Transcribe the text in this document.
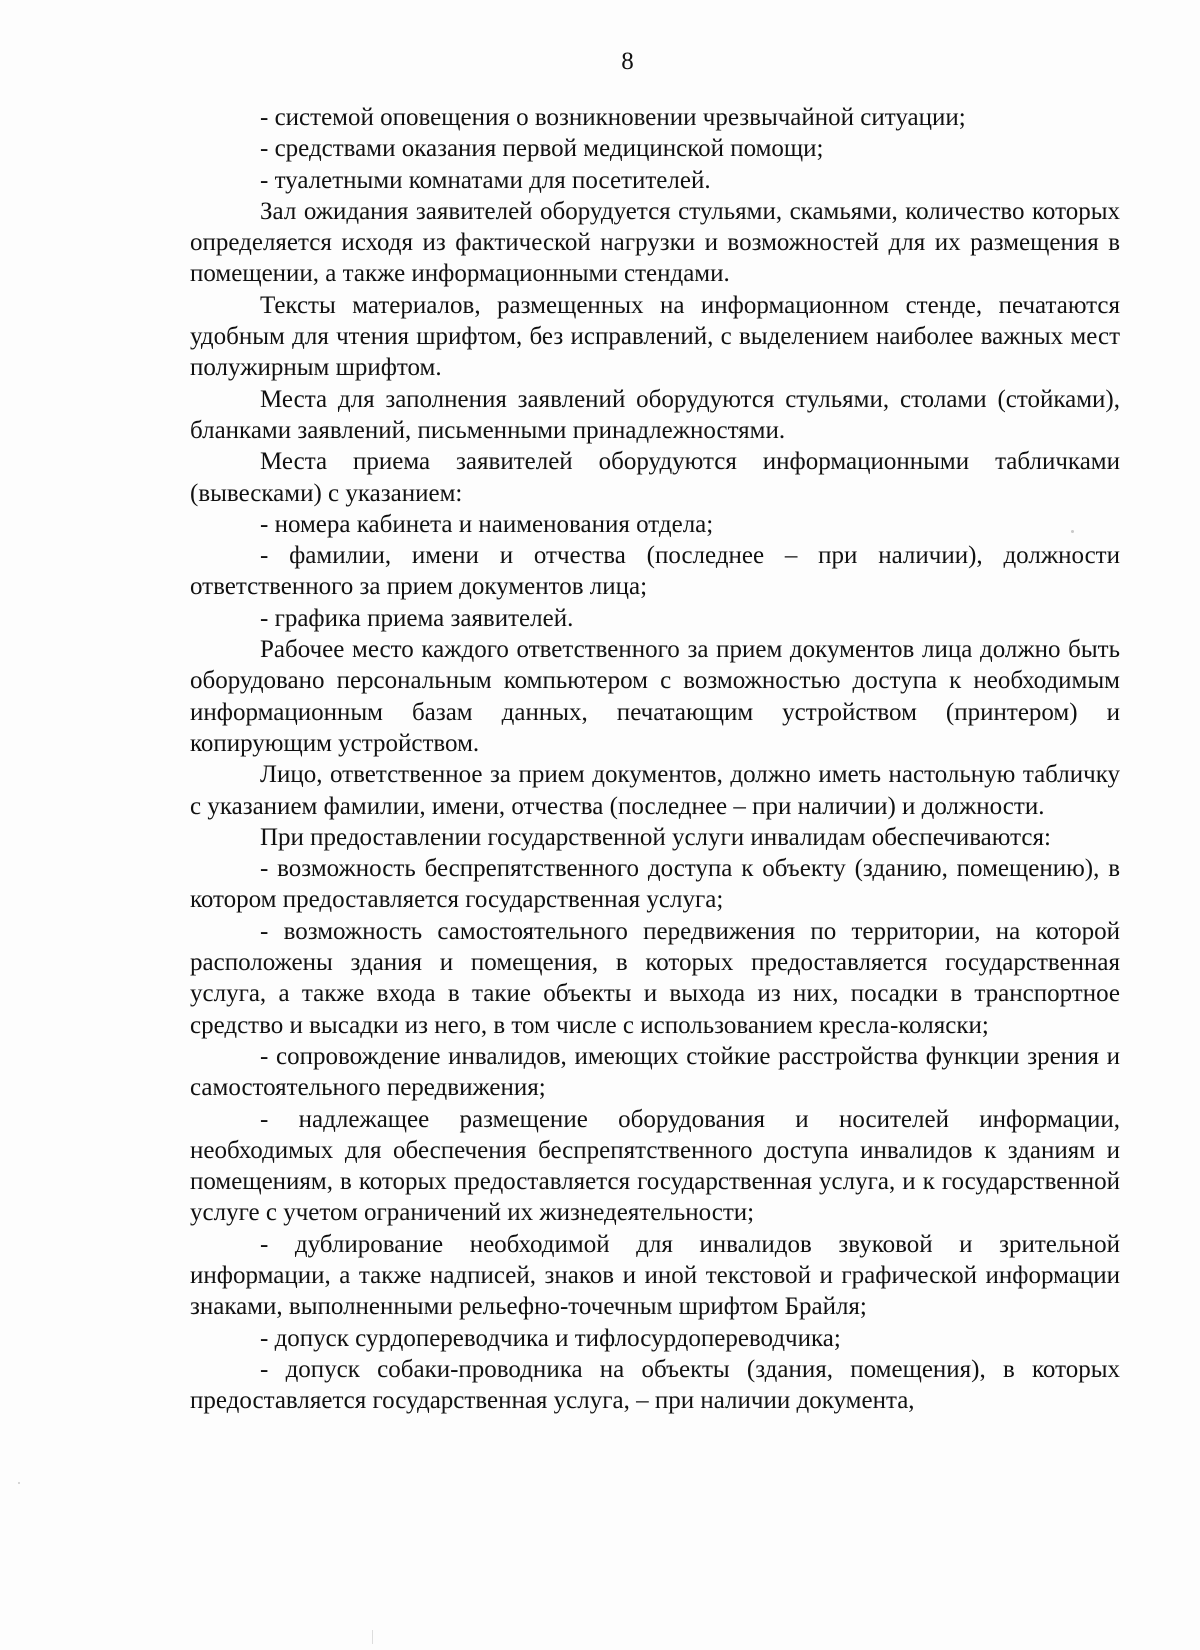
8

- системой оповещения о возникновении чрезвычайной ситуации;

- средствами оказания первой медицинской помощи;

- туалетными комнатами для посетителей.

Зал ожидания заявителей оборудуется стульями, скамьями, количество которых определяется исходя из фактической нагрузки и возможностей для их размещения в помещении, а также информационными стендами.

Тексты материалов, размещенных на информационном стенде, печатаются удобным для чтения шрифтом, без исправлений, с выделением наиболее важных мест полужирным шрифтом.

Места для заполнения заявлений оборудуются стульями, столами (стойками), бланками заявлений, письменными принадлежностями.

Места приема заявителей оборудуются информационными табличками (вывесками) с указанием:

- номера кабинета и наименования отдела;

- фамилии, имени и отчества (последнее – при наличии), должности ответственного за прием документов лица;

- графика приема заявителей.

Рабочее место каждого ответственного за прием документов лица должно быть оборудовано персональным компьютером с возможностью доступа к необходимым информационным базам данных, печатающим устройством (принтером) и копирующим устройством.

Лицо, ответственное за прием документов, должно иметь настольную табличку с указанием фамилии, имени, отчества (последнее – при наличии) и должности.

При предоставлении государственной услуги инвалидам обеспечиваются:

- возможность беспрепятственного доступа к объекту (зданию, помещению), в котором предоставляется государственная услуга;

- возможность самостоятельного передвижения по территории, на которой расположены здания и помещения, в которых предоставляется государственная услуга, а также входа в такие объекты и выхода из них, посадки в транспортное средство и высадки из него, в том числе с использованием кресла-коляски;

- сопровождение инвалидов, имеющих стойкие расстройства функции зрения и самостоятельного передвижения;

- надлежащее размещение оборудования и носителей информации, необходимых для обеспечения беспрепятственного доступа инвалидов к зданиям и помещениям, в которых предоставляется государственная услуга, и к государственной услуге с учетом ограничений их жизнедеятельности;

- дублирование необходимой для инвалидов звуковой и зрительной информации, а также надписей, знаков и иной текстовой и графической информации знаками, выполненными рельефно-точечным шрифтом Брайля;

- допуск сурдопереводчика и тифлосурдопереводчика;

- допуск собаки-проводника на объекты (здания, помещения), в которых предоставляется государственная услуга, – при наличии документа,
